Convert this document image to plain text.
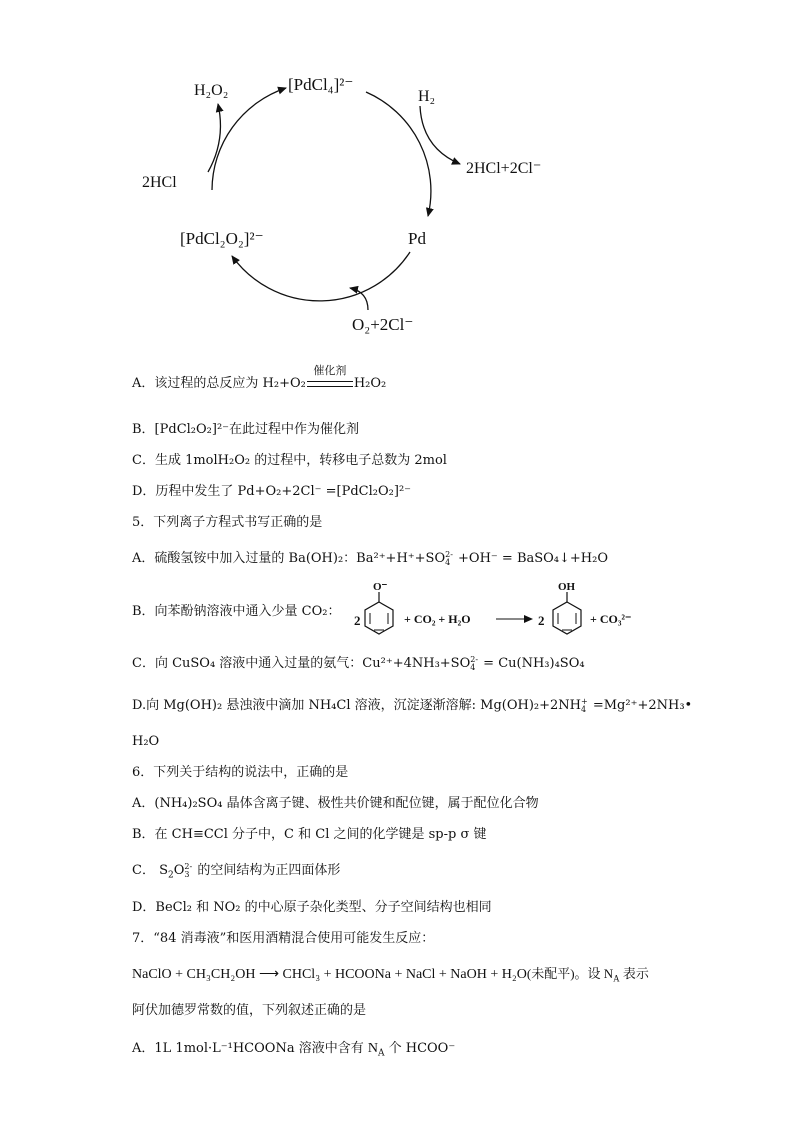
[PdCl₄]²⁻
H₂O₂	H₂
2HCl+2Cl⁻
2HCl
Pd
[PdCl₂O₂]²⁻
O₂+2Cl⁻
A．该过程的总反应为 H₂+O₂
催化剂
H₂O₂
B．[PdCl₂O₂]²⁻在此过程中作为催化剂
C．生成 1molH₂O₂ 的过程中，转移电子总数为 2mol
D．历程中发生了 Pd+O₂+2Cl⁻ =[PdCl₂O₂]²⁻
5．下列离子方程式书写正确的是
A．硫酸氢铵中加入过量的 Ba(OH)₂：Ba²⁺+H⁺+SO 2-
4 +OH⁻ = BaSO₄↓+H₂O
B．向苯酚钠溶液中通入少量 CO₂：
2
O⁻
+ CO₂ + H₂O	2
OH
+ CO₃²⁻
C．向 CuSO₄ 溶液中通入过量的氨气：Cu²⁺+4NH₃+SO 2-
4 = Cu(NH₃)₄SO₄
D.向 Mg(OH)₂ 悬浊液中滴加 NH₄Cl 溶液，沉淀逐渐溶解: Mg(OH)₂+2NH +
4 =Mg²⁺+2NH₃•
H₂O
6．下列关于结构的说法中，正确的是
A．(NH₄)₂SO₄ 晶体含离子键、极性共价键和配位键，属于配位化合物
B．在 CH≡CCl 分子中，C 和 Cl 之间的化学键是 sp-p σ 键
C． $S_2O$ 2-
3 的空间结构为正四面体形
D．BeCl₂ 和 NO₂ 的中心原子杂化类型、分子空间结构也相同
7．“84 消毒液”和医用酒精混合使用可能发生反应：
NaClO + CH₃CH₂OH ⟶ CHCl₃ + HCOONa + NaCl + NaOH + H₂O(未配平)。设 $N_A$ 表示
阿伏加德罗常数的值，下列叙述正确的是
A．1L 1mol·L⁻¹HCOONa 溶液中含有 $N_A$ 个 HCOO⁻
